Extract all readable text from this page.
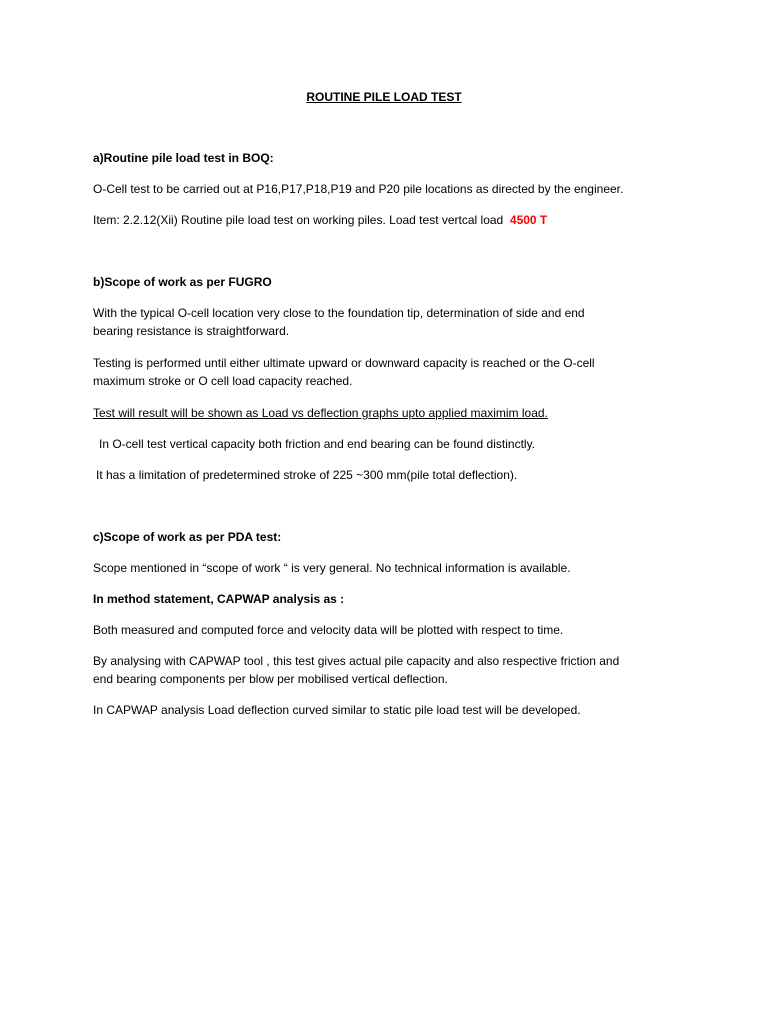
ROUTINE PILE LOAD TEST

a)Routine pile load test in BOQ:

O-Cell test to be carried out at P16,P17,P18,P19 and P20 pile locations as directed by the engineer.

Item: 2.2.12(Xii) Routine pile load test on working piles. Load test vertcal load 4500 T

b)Scope of work as per FUGRO

With the typical O-cell location very close to the foundation tip, determination of side and end

bearing resistance is straightforward.

Testing is performed until either ultimate upward or downward capacity is reached or the O-cell

maximum stroke or O cell load capacity reached.

Test will result will be shown as Load vs deflection graphs upto applied maximim load.

In O-cell test vertical capacity both friction and end bearing can be found distinctly.

It has a limitation of predetermined stroke of 225 ~300 mm(pile total deflection).

c)Scope of work as per PDA test:

Scope mentioned in “scope of work “ is very general. No technical information is available.

In method statement, CAPWAP analysis as :

Both measured and computed force and velocity data will be plotted with respect to time.

By analysing with CAPWAP tool , this test gives actual pile capacity and also respective friction and

end bearing components per blow per mobilised vertical deflection.

In CAPWAP analysis Load deflection curved similar to static pile load test will be developed.
